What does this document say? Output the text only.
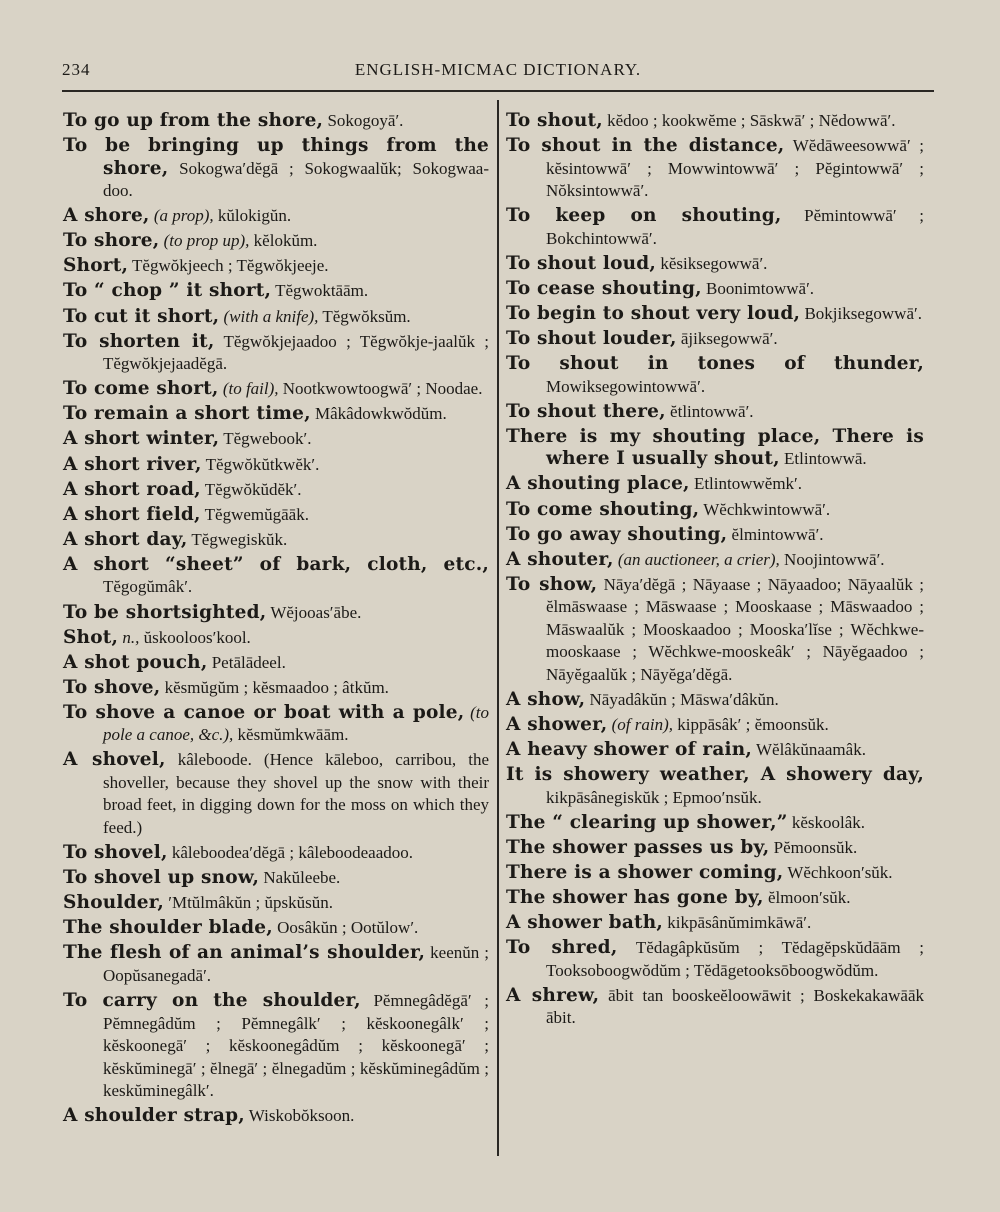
234	ENGLISH-MICMAC DICTIONARY.

To go up from the shore, Sokogoyā′.

To be bringing up things from the shore, Sokogwa′dĕgā ; Sokogwaalŭk; Sokogwaa-doo.

A shore, (a prop), kŭlokigŭn.

To shore, (to prop up), kĕlokŭm.

Short, Tĕgwŏkjeech ; Tĕgwŏkjeeje.

To “ chop ” it short, Tĕgwoktāām.

To cut it short, (with a knife), Tĕgwŏksŭm.

To shorten it, Tĕgwŏkjejaadoo ; Tĕgwŏkje-jaalŭk ; Tĕgwŏkjejaadĕgā.

To come short, (to fail), Nootkwowtoogwā′ ; Noodae.

To remain a short time, Mâkâdowkwŏdŭm.

A short winter, Tĕgwebook′.

A short river, Tĕgwŏkŭtkwĕk′.

A short road, Tĕgwŏkŭdĕk′.

A short field, Tĕgwemŭgāāk.

A short day, Tĕgwegiskŭk.

A short “sheet” of bark, cloth, etc., Tĕgogŭmâk′.

To be shortsighted, Wĕjooas′ābe.

Shot, n., ŭskooloos′kool.

A shot pouch, Petālādeel.

To shove, kĕsmŭgŭm ; kĕsmaadoo ; âtkŭm.

To shove a canoe or boat with a pole, (to pole a canoe, &c.), kĕsmŭmkwāām.

A shovel, kâleboode. (Hence kāleboo, carribou, the shoveller, because they shovel up the snow with their broad feet, in digging down for the moss on which they feed.)

To shovel, kâleboodea′dĕgā ; kâleboodeaadoo.

To shovel up snow, Nakŭleebe.

Shoulder, ′Mtŭlmâkŭn ; ŭpskŭsŭn.

The shoulder blade, Oosâkŭn ; Ootŭlow′.

The flesh of an animal’s shoulder, keenŭn ; Oopŭsanegadā′.

To carry on the shoulder, Pĕmnegâdĕgā′ ; Pĕmnegâdŭm ; Pĕmnegâlk′ ; kĕskoonegâlk′ ; kĕskoonegā′ ; kĕskoonegâdŭm ; kĕskoonegā′ ; kĕskŭminegā′ ; ĕlnegā′ ; ĕlnegadŭm ; kĕskŭminegâdŭm ; keskŭminegâlk′.

A shoulder strap, Wiskobŏksoon.

To shout, kĕdoo ; kookwĕme ; Sāskwā′ ; Nĕdowwā′.

To shout in the distance, Wĕdāweesowwā′ ; kĕsintowwā′ ; Mowwintowwā′ ; Pĕgintowwā′ ; Nŏksintowwā′.

To keep on shouting, Pĕmintowwā′ ; Bokchintowwā′.

To shout loud, kĕsiksegowwā′.

To cease shouting, Boonimtowwā′.

To begin to shout very loud, Bokjiksegowwā′.

To shout louder, ājiksegowwā′.

To shout in tones of thunder, Mowiksegowintowwā′.

To shout there, ĕtlintowwā′.

There is my shouting place, There is where I usually shout, Etlintowwā.

A shouting place, Etlintowwĕmk′.

To come shouting, Wĕchkwintowwā′.

To go away shouting, ĕlmintowwā′.

A shouter, (an auctioneer, a crier), Noojintowwā′.

To show, Nāya′dĕgā ; Nāyaase ; Nāyaadoo; Nāyaalŭk ; ĕlmāswaase ; Māswaase ; Mooskaase ; Māswaadoo ; Māswaalŭk ; Mooskaadoo ; Mooska′lĭse ; Wĕchkwe-mooskaase ; Wĕchkwe-mooskeâk′ ; Nāyĕgaadoo ; Nāyĕgaalŭk ; Nāyĕga′dĕgā.

A show, Nāyadâkŭn ; Māswa′dâkŭn.

A shower, (of rain), kippāsâk′ ; ĕmoonsŭk.

A heavy shower of rain, Wĕlâkŭnaamâk.

It is showery weather, A showery day, kikpāsânegiskŭk ; Epmoo′nsŭk.

The “ clearing up shower,” kĕskoolâk.

The shower passes us by, Pĕmoonsŭk.

There is a shower coming, Wĕchkoon′sŭk.

The shower has gone by, ĕlmoon′sŭk.

A shower bath, kikpāsânŭmimkāwā′.

To shred, Tĕdagâpkŭsŭm ; Tĕdagĕpskŭdāām ; Tooksoboogwŏdŭm ; Tĕdāgetooksōboogwŏdŭm.

A shrew, ābit tan booskeĕloowāwit ; Boskekakawāāk ābit.
